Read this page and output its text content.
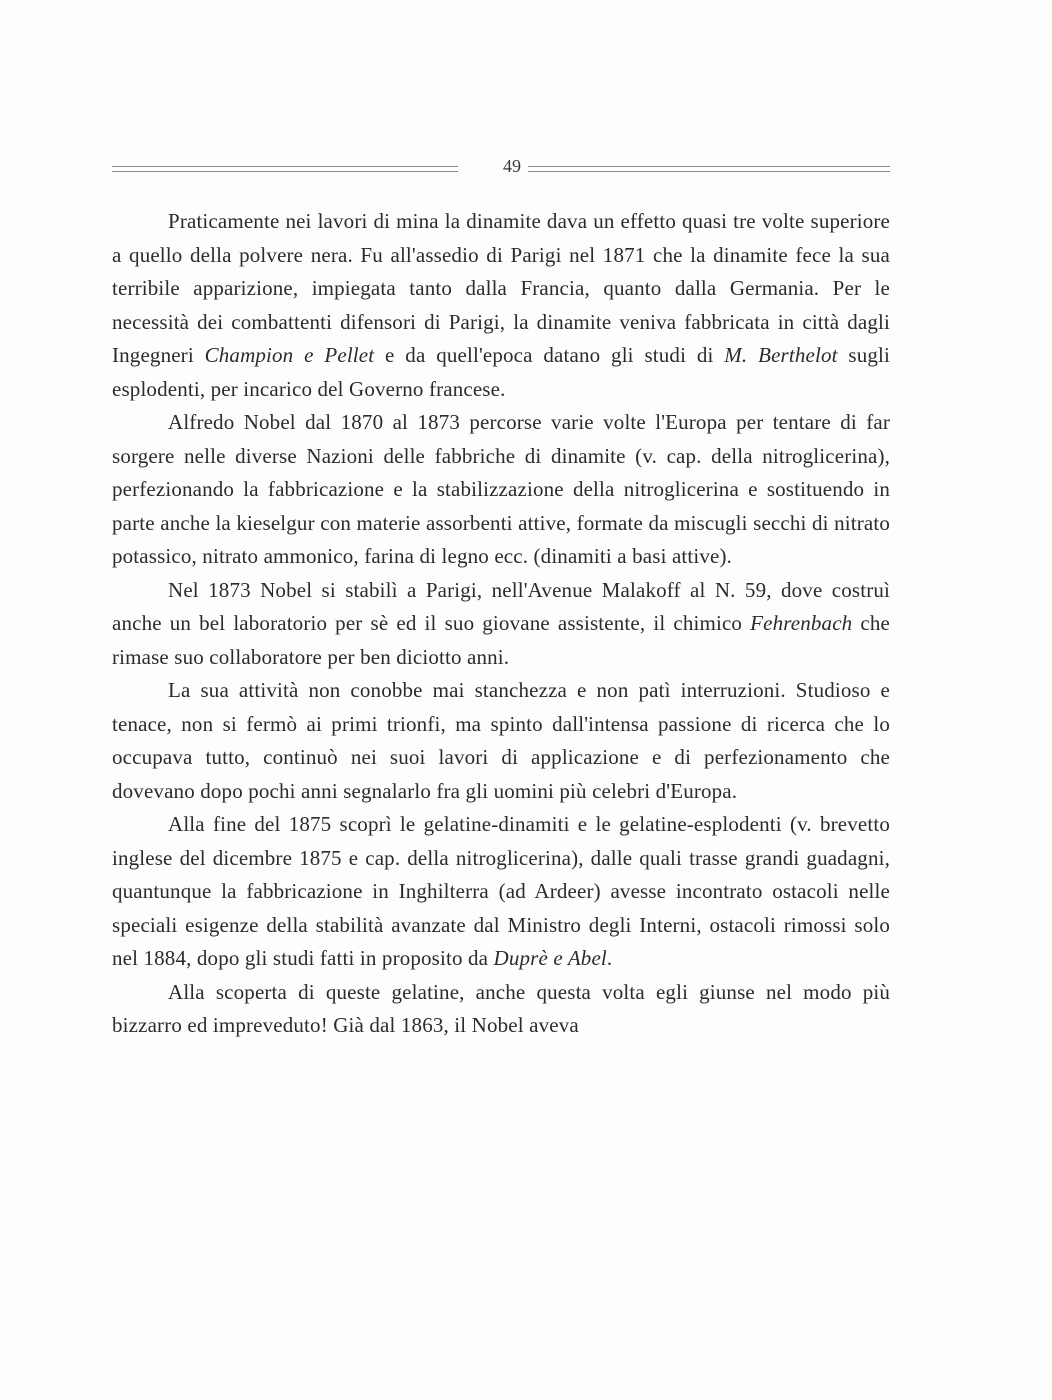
49

Praticamente nei lavori di mina la dinamite dava un effetto quasi tre volte superiore a quello della polvere nera. Fu all'assedio di Parigi nel 1871 che la dinamite fece la sua terribile apparizione, impiegata tanto dalla Francia, quanto dalla Germania. Per le necessità dei combattenti difensori di Parigi, la dinamite veniva fabbricata in città dagli Ingegneri Champion e Pellet e da quell'epoca datano gli studi di M. Berthelot sugli esplodenti, per incarico del Governo francese.

Alfredo Nobel dal 1870 al 1873 percorse varie volte l'Europa per tentare di far sorgere nelle diverse Nazioni delle fabbriche di dinamite (v. cap. della nitroglicerina), perfezionando la fabbricazione e la stabilizzazione della nitroglicerina e sostituendo in parte anche la kieselgur con materie assorbenti attive, formate da miscugli secchi di nitrato potassico, nitrato ammonico, farina di legno ecc. (dinamiti a basi attive).

Nel 1873 Nobel si stabilì a Parigi, nell'Avenue Malakoff al N. 59, dove costruì anche un bel laboratorio per sè ed il suo giovane assistente, il chimico Fehrenbach che rimase suo collaboratore per ben diciotto anni.

La sua attività non conobbe mai stanchezza e non patì interruzioni. Studioso e tenace, non si fermò ai primi trionfi, ma spinto dall'intensa passione di ricerca che lo occupava tutto, continuò nei suoi lavori di applicazione e di perfezionamento che dovevano dopo pochi anni segnalarlo fra gli uomini più celebri d'Europa.

Alla fine del 1875 scoprì le gelatine-dinamiti e le gelatine-esplodenti (v. brevetto inglese del dicembre 1875 e cap. della nitroglicerina), dalle quali trasse grandi guadagni, quantunque la fabbricazione in Inghilterra (ad Ardeer) avesse incontrato ostacoli nelle speciali esigenze della stabilità avanzate dal Ministro degli Interni, ostacoli rimossi solo nel 1884, dopo gli studi fatti in proposito da Duprè e Abel.

Alla scoperta di queste gelatine, anche questa volta egli giunse nel modo più bizzarro ed impreveduto! Già dal 1863, il Nobel aveva
